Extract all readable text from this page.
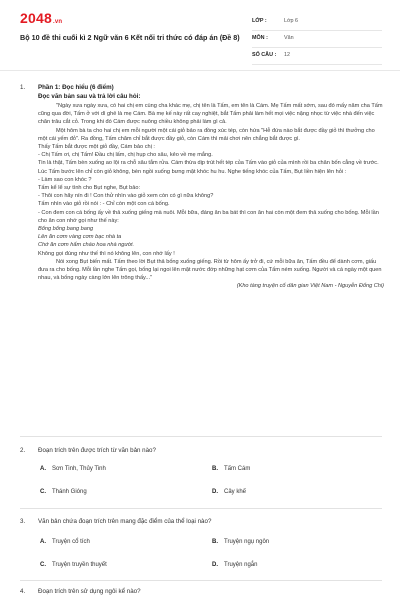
2048.vn
Bộ 10 đề thi cuối kì 2 Ngữ văn 6 Kết nối tri thức có đáp án (Đề 8)
LỚP :	Lớp 6
MÔN :	Văn
SỐ CÂU : 12
1. Phần 1: Đọc hiểu (6 điểm)
Đọc văn bản sau và trả lời câu hỏi:

"Ngày xưa ngày xưa, có hai chị em cùng cha khác mẹ, chị tên là Tấm, em tên là Cám. Mẹ Tấm mất sớm, sau đó mấy năm cha Tấm cũng qua đời, Tấm ở với dì ghẻ là mẹ Cám. Bà mẹ kế này rất cay nghiệt, bắt Tấm phải làm hết mọi việc nặng nhọc từ việc nhà đến việc chăn trâu cắt cỏ. Trong khi đó Cám được nuông chiều không phải làm gì cả.

Một hôm bà ta cho hai chị em mỗi người một cái giỏ bảo ra đồng xúc tép, còn hứa "Hễ đứa nào bắt được đầy giỏ thì thưởng cho một cái yếm đỏ". Ra đồng, Tấm chăm chỉ bắt được đầy giỏ, còn Cám thì mải chơi nên chẳng bắt được gì.

Thấy Tấm bắt được một giỏ đầy, Cám bảo chị :

- Chị Tấm ơi, chị Tấm! Đầu chị lấm, chị hụp cho sâu, kẻo về mẹ mắng.

Tin là thật, Tấm bèn xuống ao lội ra chỗ sâu tắm rửa. Cám thừa dịp trút hết tép của Tấm vào giỏ của mình rồi ba chân bốn cẳng về trước. Lúc Tấm bước lên chỉ còn giỏ không, bèn ngồi xuống bưng mặt khóc hu hu. Nghe tiếng khóc của Tấm, Bụt liền hiện lên hỏi :

- Làm sao con khóc ?

Tấm kể lể sự tình cho Bụt nghe, Bụt bảo:

- Thôi con hãy nín đi ! Con thử nhìn vào giỏ xem còn có gì nữa không?

Tấm nhìn vào giỏ rồi nói : - Chỉ còn một con cá bống.

- Con đem con cá bống ấy về thả xuống giếng mà nuôi. Mỗi bữa, đáng ăn ba bát thì con ăn hai còn một đem thả xuống cho bống. Mỗi lần cho ăn con nhớ gọi như thế này:

Bống bống bang bang

Lên ăn cơm vàng cơm bạc nhà ta

Chớ ăn cơm hẩm cháo hoa nhà người.

Không gọi đúng như thế thì nó không lên, con nhớ lấy !

Nói xong Bụt biến mất. Tấm theo lời Bụt thả bống xuống giếng. Rồi từ hôm ấy trở đi, cứ mỗi bữa ăn, Tấm đều để dành cơm, giấu đưa ra cho bống. Mỗi lần nghe Tấm gọi, bống lại ngoi lên mặt nước đớp những hạt cơm của Tấm ném xuống. Người và cá ngày một quen nhau, và bống ngày càng lớn lên trông thấy..."

(Kho tàng truyện cổ dân gian Việt Nam - Nguyễn Đổng Chi)

2. Đoạn trích trên được trích từ văn bản nào?
A. Sơn Tinh, Thủy Tinh	B. Tấm Cám
C. Thánh Gióng	D. Cây khế
3. Văn bản chứa đoạn trích trên mang đặc điểm của thể loại nào?
A. Truyện cổ tích	B. Truyện ngụ ngôn
C. Truyện truyền thuyết	D. Truyện ngắn
4. Đoạn trích trên sử dụng ngôi kể nào?
